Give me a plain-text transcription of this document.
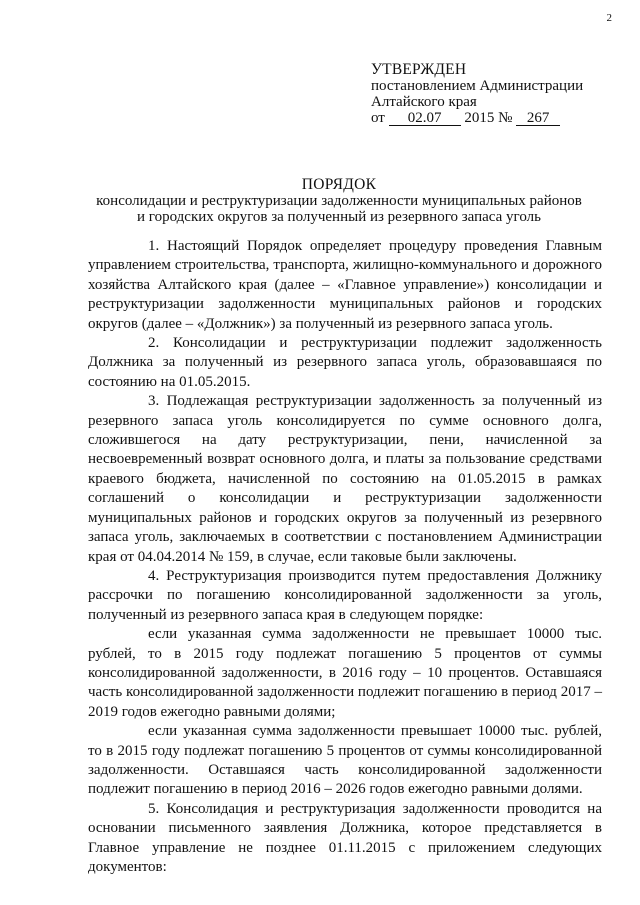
2
УТВЕРЖДЕН
постановлением Администрации
Алтайского края
от 02.07 2015 № 267
ПОРЯДОК
консолидации и реструктуризации задолженности муниципальных районов
и городских округов за полученный из резервного запаса уголь

1. Настоящий Порядок определяет процедуру проведения Главным управлением строительства, транспорта, жилищно-коммунального и дорожного хозяйства Алтайского края (далее – «Главное управление») консолидации и реструктуризации задолженности муниципальных районов и городских округов (далее – «Должник») за полученный из резервного запаса уголь.

2. Консолидации и реструктуризации подлежит задолженность Должника за полученный из резервного запаса уголь, образовавшаяся по состоянию на 01.05.2015.

3. Подлежащая реструктуризации задолженность за полученный из резервного запаса уголь консолидируется по сумме основного долга, сложившегося на дату реструктуризации, пени, начисленной за несвоевременный возврат основного долга, и платы за пользование средствами краевого бюджета, начисленной по состоянию на 01.05.2015 в рамках соглашений о консолидации и реструктуризации задолженности муниципальных районов и городских округов за полученный из резервного запаса уголь, заключаемых в соответствии с постановлением Администрации края от 04.04.2014 № 159, в случае, если таковые были заключены.

4. Реструктуризация производится путем предоставления Должнику рассрочки по погашению консолидированной задолженности за уголь, полученный из резервного запаса края в следующем порядке:

если указанная сумма задолженности не превышает 10000 тыс. рублей, то в 2015 году подлежат погашению 5 процентов от суммы консолидированной задолженности, в 2016 году – 10 процентов. Оставшаяся часть консолидированной задолженности подлежит погашению в период 2017 – 2019 годов ежегодно равными долями;

если указанная сумма задолженности превышает 10000 тыс. рублей, то в 2015 году подлежат погашению 5 процентов от суммы консолидированной задолженности. Оставшаяся часть консолидированной задолженности подлежит погашению в период 2016 – 2026 годов ежегодно равными долями.

5. Консолидация и реструктуризация задолженности проводится на основании письменного заявления Должника, которое представляется в Главное управление не позднее 01.11.2015 с приложением следующих документов:
